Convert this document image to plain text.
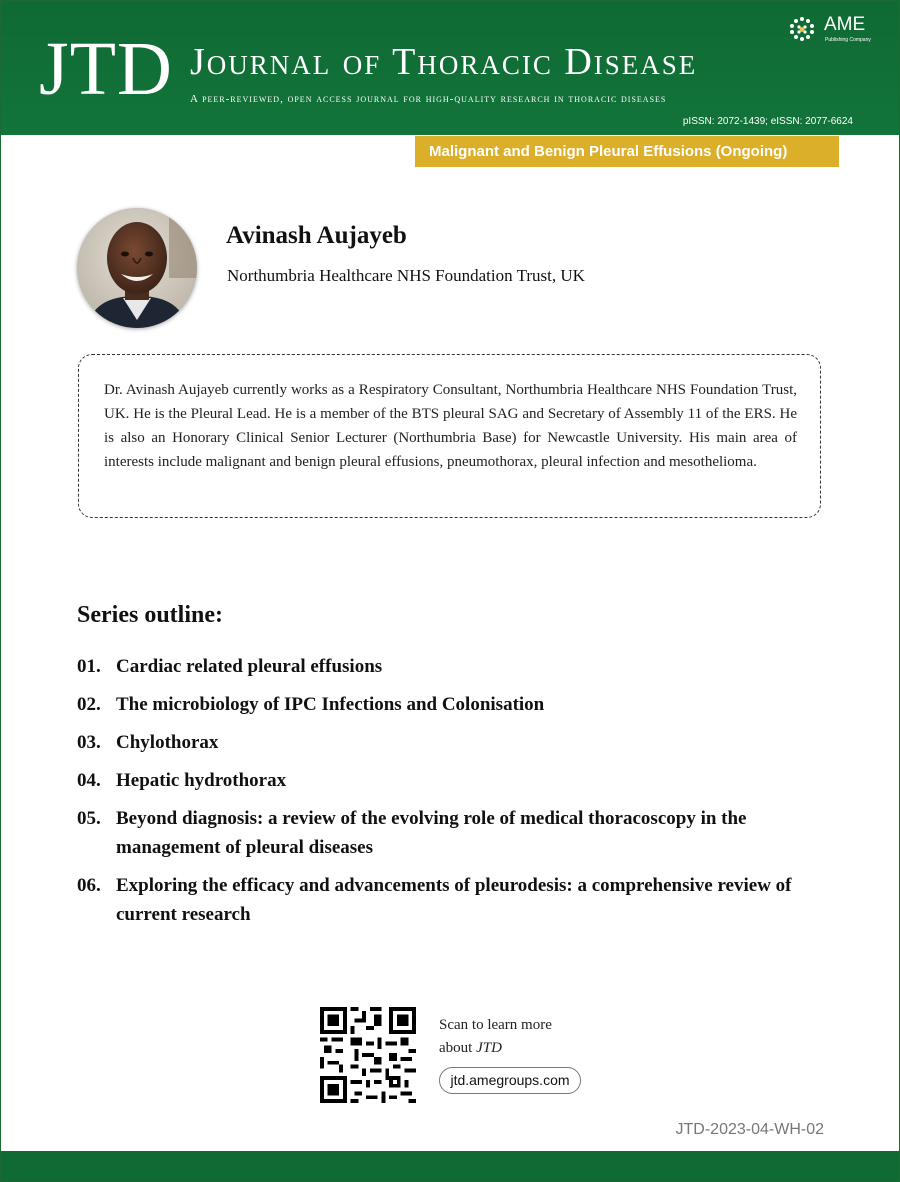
JTD Journal of Thoracic Disease
A peer-reviewed, open access journal for high-quality research in thoracic diseases
pISSN: 2072-1439; eISSN: 2077-6624
AME
Publishing Company
Malignant and Benign Pleural Effusions (Ongoing)
Avinash Aujayeb
Northumbria Healthcare NHS Foundation Trust, UK
Dr. Avinash Aujayeb currently works as a Respiratory Consultant, Northumbria Healthcare NHS Foundation Trust, UK. He is the Pleural Lead. He is a member of the BTS pleural SAG and Secretary of Assembly 11 of the ERS. He is also an Honorary Clinical Senior Lecturer (Northumbria Base) for Newcastle University. His main area of interests include malignant and benign pleural effusions, pneumothorax, pleural infection and mesothelioma.
Series outline:
01. Cardiac related pleural effusions
02. The microbiology of IPC Infections and Colonisation
03. Chylothorax
04. Hepatic hydrothorax
05. Beyond diagnosis: a review of the evolving role of medical thoracoscopy in the management of pleural diseases
06. Exploring the efficacy and advancements of pleurodesis: a comprehensive review of current research
Scan to learn more
about JTD
jtd.amegroups.com
JTD-2023-04-WH-02
